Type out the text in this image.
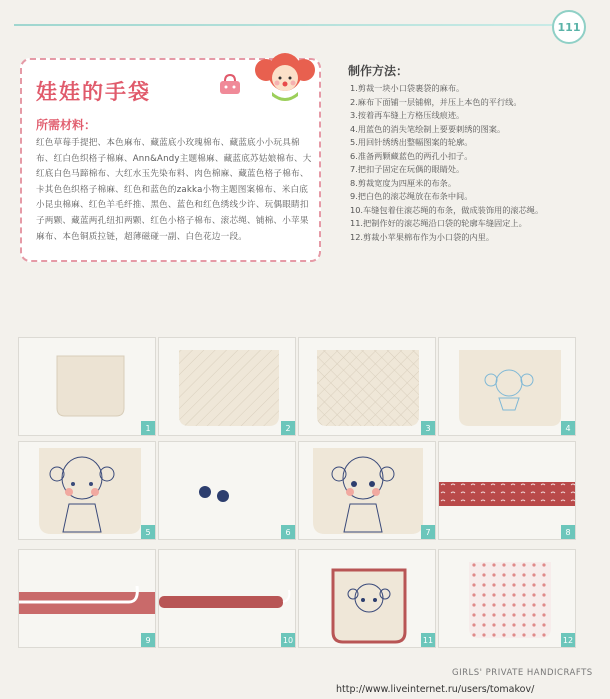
111
娃娃的手袋
所需材料：
红色草莓手提把、本色麻布、藏蓝底小玫瑰棉布、藏蓝底小小玩具棉布、红白色织格子棉麻、Ann&Andy主题棉麻、藏蓝底苏姑娘棉布、大红底白色马蹄棉布、大红水玉先染布料、肉色棉麻、藏蓝色格子棉布、卡其色色织格子棉麻、红色和蓝色的zakka小物主题图案棉布、米白底小昆虫棉麻、红色羊毛纤推、黑色、蓝色和红色绣线少许、玩偶眼睛扣子两颗、藏蓝两孔纽扣两颗、红色小格子棉布、滚芯绳、铺棉、小苹果麻布、本色铜质拉链，超薄磁碰一副、白色花边一段。
制作方法：
1.剪裁一块小口袋裹袋的麻布。
2.麻布下面铺一层铺棉，并压上本色的平行线。
3.按着再车缝上方格压线痕迹。
4.用蓝色的消失笔绘制上要要刺绣的图案。
5.用回针绣绣出整幅图案的轮廓。
6.准备两颗藏蓝色的两孔小扣子。
7.把扣子固定在玩偶的眼睛处。
8.剪裁宽度为四厘米的布条。
9.把白色的滚芯绳放在布条中间。
10.车缝包着住滚芯绳的布条，做成装饰用的滚芯绳。
11.把制作好的滚芯绳沿口袋的轮廓车缝固定上。
12.剪裁小苹果棉布作为小口袋的内里。
1	2	3	4
5	6	7	8
9	10	11	12
GIRLS' PRIVATE HANDICRAFTS
http://www.liveinternet.ru/users/tomakov/
